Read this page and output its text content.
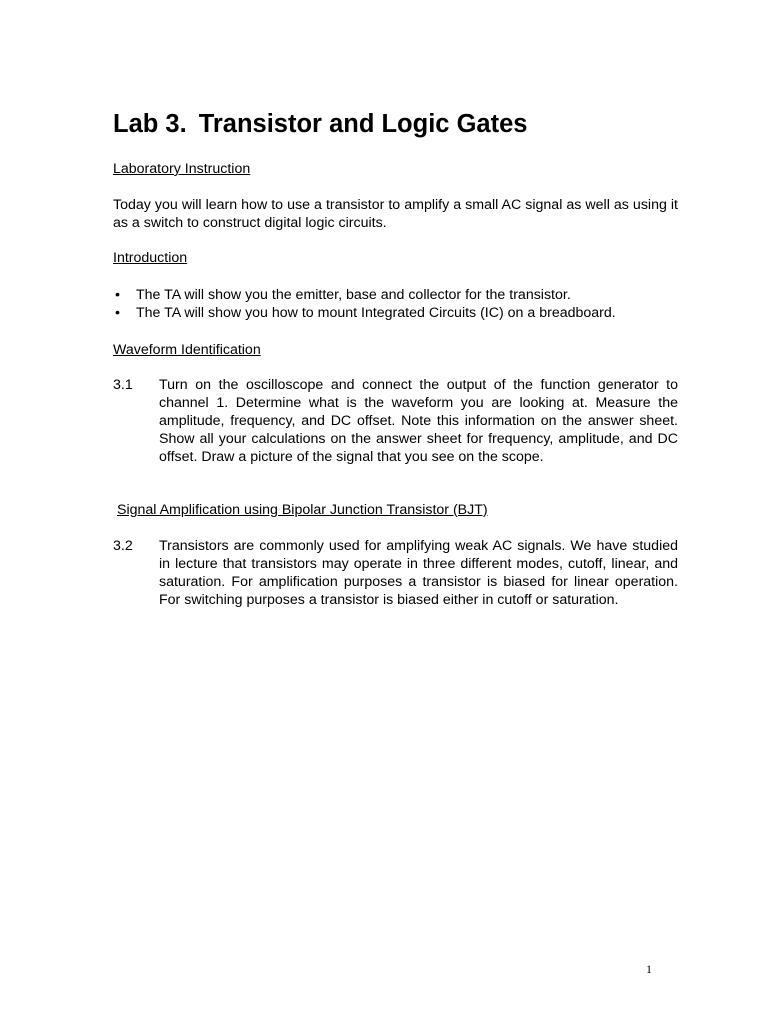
Lab 3. Transistor and Logic Gates
Laboratory Instruction

Today you will learn how to use a transistor to amplify a small AC signal as well as using it as a switch to construct digital logic circuits.

Introduction
• The TA will show you the emitter, base and collector for the transistor.
• The TA will show you how to mount Integrated Circuits (IC) on a breadboard.
Waveform Identification
3.1 Turn on the oscilloscope and connect the output of the function generator to channel 1. Determine what is the waveform you are looking at. Measure the amplitude, frequency, and DC offset. Note this information on the answer sheet. Show all your calculations on the answer sheet for frequency, amplitude, and DC offset. Draw a picture of the signal that you see on the scope.
Signal Amplification using Bipolar Junction Transistor (BJT)
3.2 Transistors are commonly used for amplifying weak AC signals. We have studied in lecture that transistors may operate in three different modes, cutoff, linear, and saturation. For amplification purposes a transistor is biased for linear operation. For switching purposes a transistor is biased either in cutoff or saturation.
1
